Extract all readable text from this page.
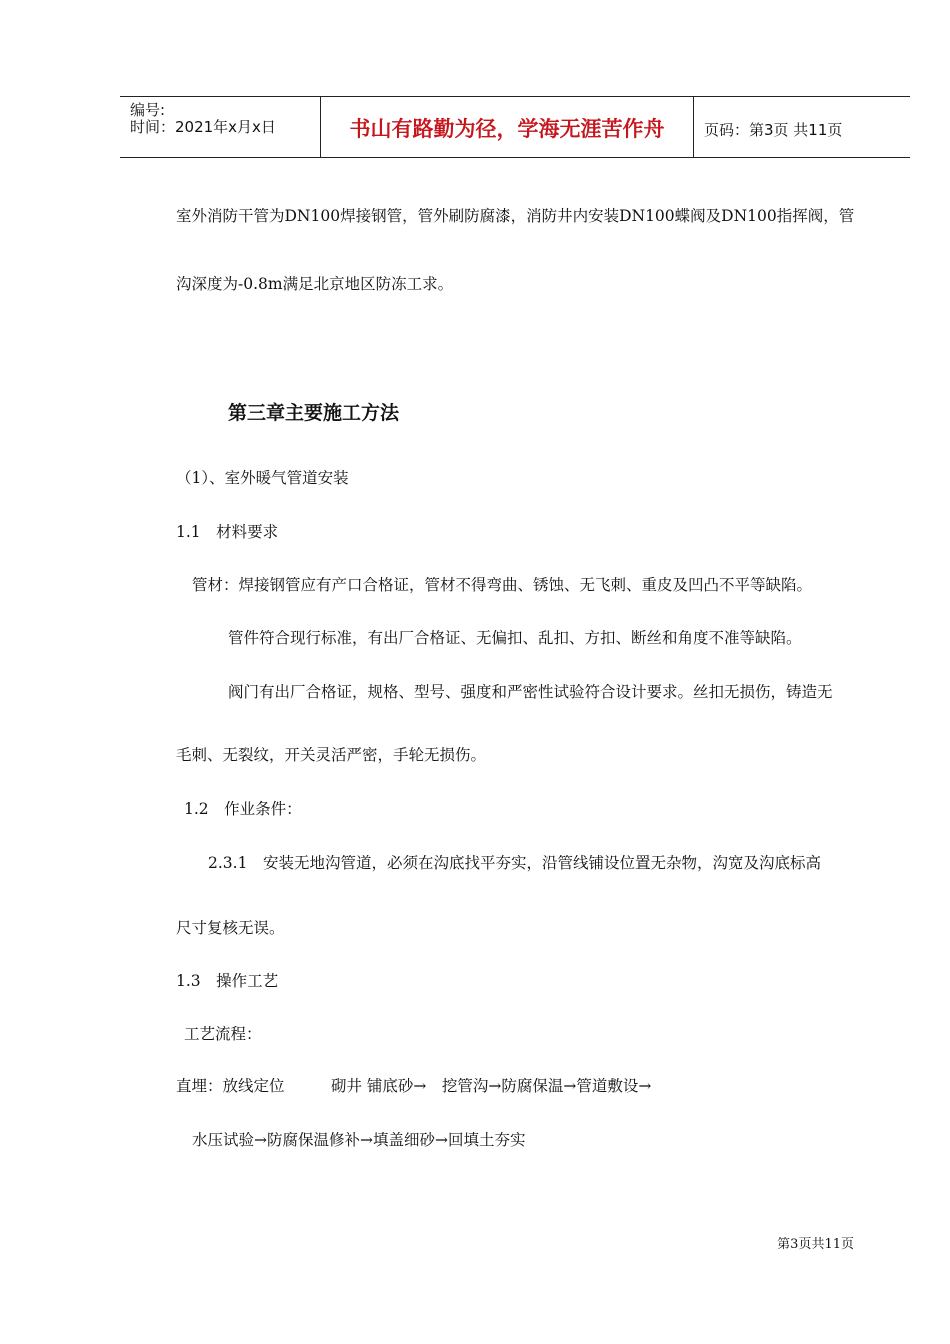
编号:
时间：2021年x月x日	书山有路勤为径，学海无涯苦作舟	页码：第3页 共11页
室外消防干管为DN100焊接钢管，管外刷防腐漆，消防井内安装DN100蝶阀及DN100指挥阀，管
沟深度为-0.8m满足北京地区防冻工求。
第三章主要施工方法
（1）、室外暖气管道安装
1.1　材料要求
管材：焊接钢管应有产口合格证，管材不得弯曲、锈蚀、无飞刺、重皮及凹凸不平等缺陷。
管件符合现行标准，有出厂合格证、无偏扣、乱扣、方扣、断丝和角度不准等缺陷。
阀门有出厂合格证，规格、型号、强度和严密性试验符合设计要求。丝扣无损伤，铸造无
毛刺、无裂纹，开关灵活严密，手轮无损伤。
1.2　作业条件：
2.3.1　安装无地沟管道，必须在沟底找平夯实，沿管线铺设位置无杂物，沟宽及沟底标高
尺寸复核无误。
1.3　操作工艺
工艺流程：
直埋：放线定位　　　砌井 铺底砂→　挖管沟→防腐保温→管道敷设→
水压试验→防腐保温修补→填盖细砂→回填土夯实
第3页共11页
